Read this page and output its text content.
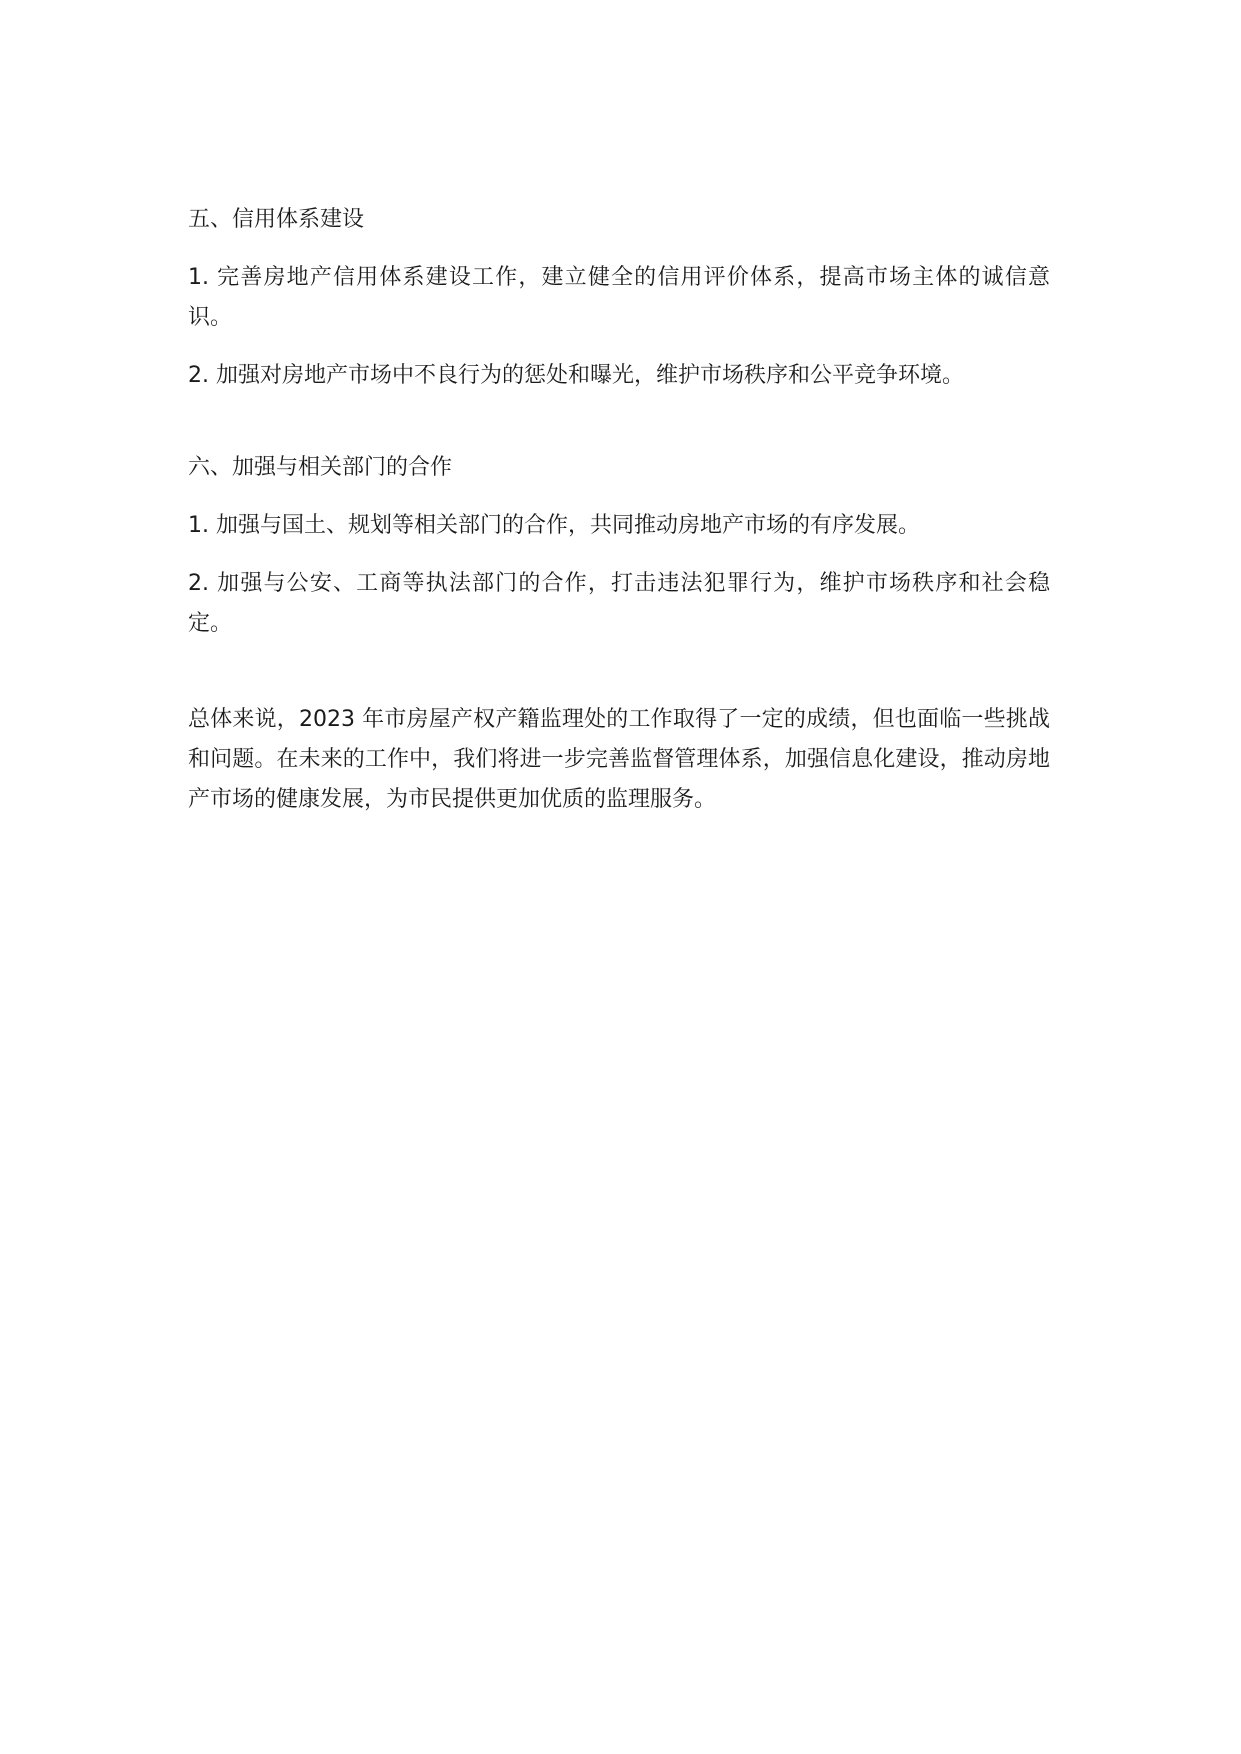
五、信用体系建设

1. 完善房地产信用体系建设工作，建立健全的信用评价体系，提高市场主体的诚信意识。

2. 加强对房地产市场中不良行为的惩处和曝光，维护市场秩序和公平竞争环境。

六、加强与相关部门的合作

1. 加强与国土、规划等相关部门的合作，共同推动房地产市场的有序发展。

2. 加强与公安、工商等执法部门的合作，打击违法犯罪行为，维护市场秩序和社会稳定。

总体来说，2023 年市房屋产权产籍监理处的工作取得了一定的成绩，但也面临一些挑战和问题。在未来的工作中，我们将进一步完善监督管理体系，加强信息化建设，推动房地产市场的健康发展，为市民提供更加优质的监理服务。
